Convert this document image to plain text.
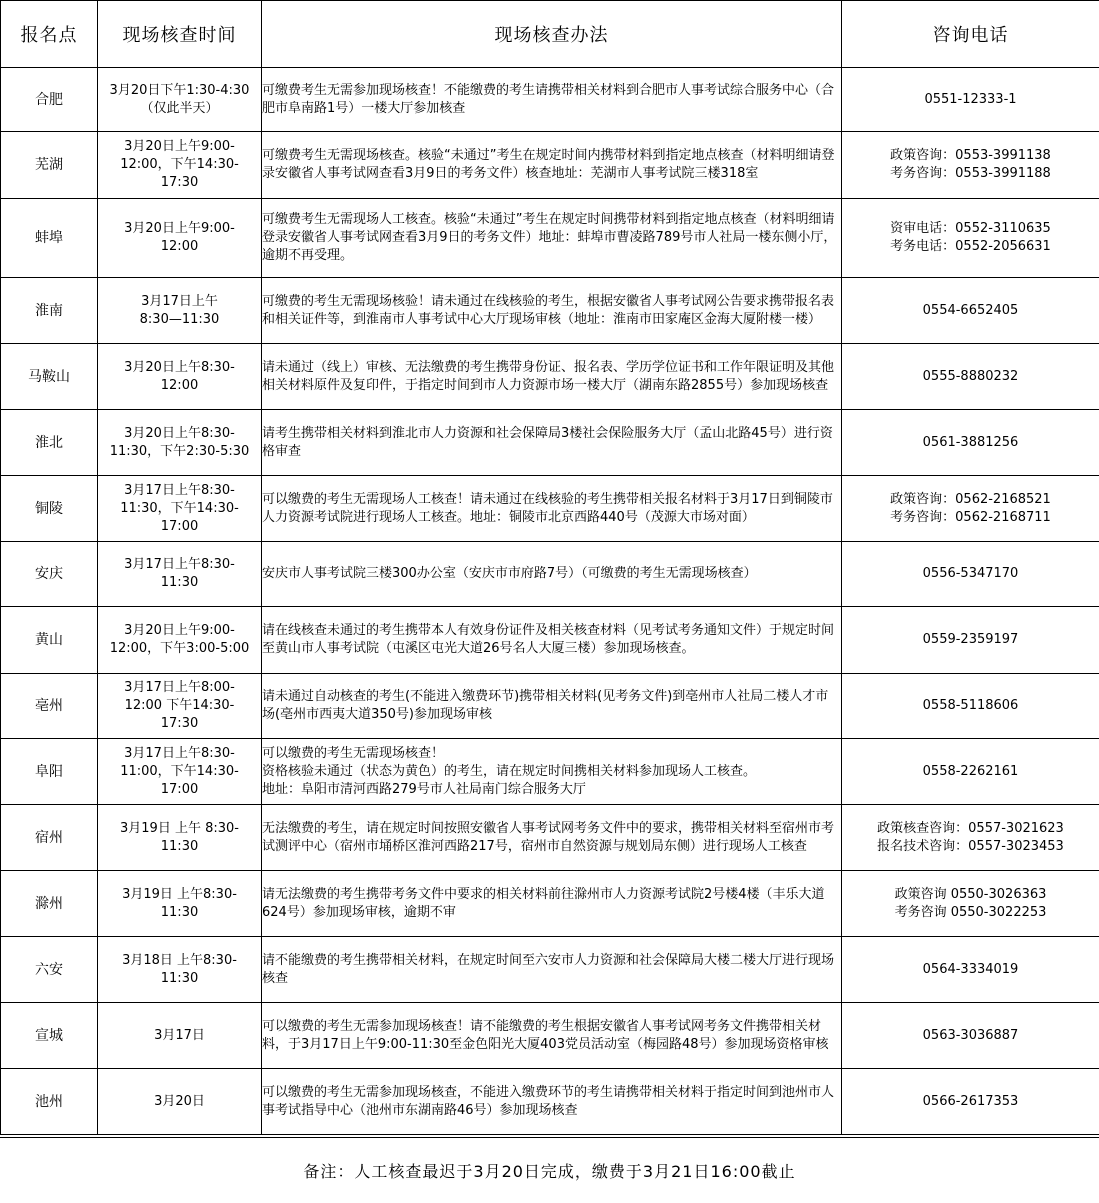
报名点	现场核查时间	现场核查办法	咨询电话
合肥	3月20日下午1:30-4:30
（仅此半天）	可缴费考生无需参加现场核查！不能缴费的考生请携带相关材料到合肥市人事考试综合服务中心（合肥市阜南路1号）一楼大厅参加核查	0551-12333-1

芜湖	3月20日上午9:00-
12:00，下午14:30-
17:30	可缴费考生无需现场核查。核验“未通过”考生在规定时间内携带材料到指定地点核查（材料明细请登录安徽省人事考试网查看3月9日的考务文件）核查地址：芜湖市人事考试院三楼318室	政策咨询：0553-3991138
考务咨询：0553-3991188

蚌埠	3月20日上午9:00-
12:00	可缴费考生无需现场人工核查。核验“未通过”考生在规定时间携带材料到指定地点核查（材料明细请登录安徽省人事考试网查看3月9日的考务文件）地址：蚌埠市曹凌路789号市人社局一楼东侧小厅，逾期不再受理。	资审电话：0552-3110635
考务电话：0552-2056631

淮南	3月17日上午
8:30—11:30	可缴费的考生无需现场核验！请未通过在线核验的考生，根据安徽省人事考试网公告要求携带报名表和相关证件等，到淮南市人事考试中心大厅现场审核（地址：淮南市田家庵区金海大厦附楼一楼）	0554-6652405

马鞍山	3月20日上午8:30-
12:00	请未通过（线上）审核、无法缴费的考生携带身份证、报名表、学历学位证书和工作年限证明及其他相关材料原件及复印件，于指定时间到市人力资源市场一楼大厅（湖南东路2855号）参加现场核查	0555-8880232

淮北	3月20日上午8:30-
11:30，下午2:30-5:30	请考生携带相关材料到淮北市人力资源和社会保障局3楼社会保险服务大厅（孟山北路45号）进行资格审查	0561-3881256

铜陵	3月17日上午8:30-
11:30，下午14:30-
17:00	可以缴费的考生无需现场人工核查！请未通过在线核验的考生携带相关报名材料于3月17日到铜陵市人力资源考试院进行现场人工核查。地址：铜陵市北京西路440号（茂源大市场对面）	政策咨询：0562-2168521
考务咨询：0562-2168711

安庆	3月17日上午8:30-
11:30	安庆市人事考试院三楼300办公室（安庆市市府路7号）（可缴费的考生无需现场核查）	0556-5347170

黄山	3月20日上午9:00-
12:00，下午3:00-5:00	请在线核查未通过的考生携带本人有效身份证件及相关核查材料（见考试考务通知文件）于规定时间至黄山市人事考试院（屯溪区屯光大道26号名人大厦三楼）参加现场核查。	0559-2359197

亳州	3月17日上午8:00-
12:00 下午14:30-
17:30	请未通过自动核查的考生(不能进入缴费环节)携带相关材料(见考务文件)到亳州市人社局二楼人才市场(亳州市西夷大道350号)参加现场审核	0558-5118606

阜阳	3月17日上午8:30-
11:00，下午14:30-
17:00	可以缴费的考生无需现场核查！
资格核验未通过（状态为黄色）的考生，请在规定时间携相关材料参加现场人工核查。
地址：阜阳市清河西路279号市人社局南门综合服务大厅	0558-2262161

宿州	3月19日 上午 8:30-
11:30	无法缴费的考生，请在规定时间按照安徽省人事考试网考务文件中的要求，携带相关材料至宿州市考试测评中心（宿州市埇桥区淮河西路217号，宿州市自然资源与规划局东侧）进行现场人工核查	政策核查咨询：0557-3021623
报名技术咨询：0557-3023453

滁州	3月19日 上午8:30-
11:30	请无法缴费的考生携带考务文件中要求的相关材料前往滁州市人力资源考试院2号楼4楼（丰乐大道624号）参加现场审核，逾期不审	政策咨询 0550-3026363
考务咨询 0550-3022253

六安	3月18日 上午8:30-
11:30	请不能缴费的考生携带相关材料，在规定时间至六安市人力资源和社会保障局大楼二楼大厅进行现场核查	0564-3334019

宣城	3月17日	可以缴费的考生无需参加现场核查！请不能缴费的考生根据安徽省人事考试网考务文件携带相关材料，于3月17日上午9:00-11:30至金色阳光大厦403党员活动室（梅园路48号）参加现场资格审核	0563-3036887

池州	3月20日	可以缴费的考生无需参加现场核查，不能进入缴费环节的考生请携带相关材料于指定时间到池州市人事考试指导中心（池州市东湖南路46号）参加现场核查	0566-2617353
备注：人工核查最迟于3月20日完成，缴费于3月21日16:00截止
